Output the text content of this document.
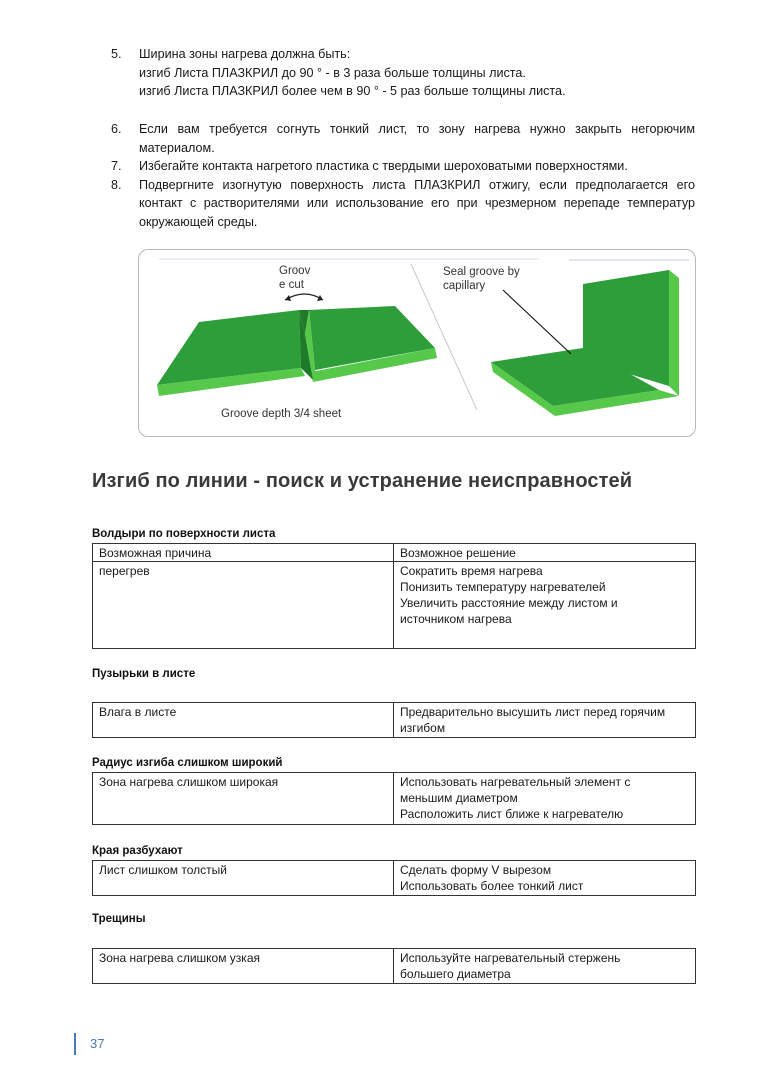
5. Ширина зоны нагрева должна быть:
изгиб Листа ПЛАЗКРИЛ до 90 ° - в 3 раза больше толщины листа.
изгиб Листа ПЛАЗКРИЛ более чем в 90 ° - 5 раз больше толщины листа.
6. Если вам требуется согнуть тонкий лист, то зону нагрева нужно закрыть негорючим материалом.
7. Избегайте контакта нагретого пластика с твердыми шероховатыми поверхностями.
8. Подвергните изогнутую поверхность листа ПЛАЗКРИЛ отжигу, если предполагается его контакт с растворителями или использование его при чрезмерном перепаде температур окружающей среды.
Groov
e cut
Seal groove by
capillary
Groove depth 3/4 sheet
Изгиб по линии - поиск и устранение неисправностей
Волдыри по поверхности листа
Возможная причина	Возможное решение
перегрев	Сократить время нагрева
Понизить температуру нагревателей
Увеличить расстояние между листом и
источником нагрева
Пузырьки в листе
Влага в листе	Предварительно высушить лист перед горячим
изгибом
Радиус изгиба слишком широкий
Зона нагрева слишком широкая	Использовать нагревательный элемент с
меньшим диаметром
Расположить лист ближе к нагревателю
Края разбухают
Лист слишком толстый	Сделать форму V вырезом
Использовать более тонкий лист
Трещины
Зона нагрева слишком узкая	Используйте нагревательный стержень
большего диаметра
37
